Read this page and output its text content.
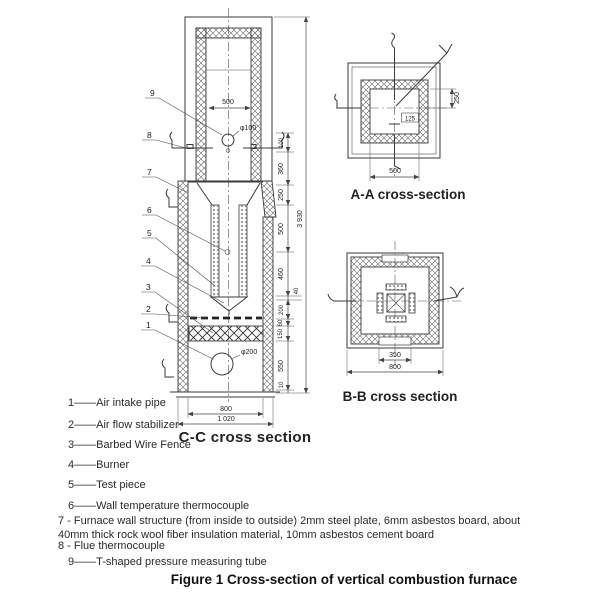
500
φ100
100
360
250
500
460
40
200
60
150
550
10
3 930
φ200
800
1 020
250
125
500
350
800
9
8
7
6
5
4
3
2
1
C-C cross section
A-A cross-section
B-B cross section
1——Air intake pipe
2——Air flow stabilizer
3——Barbed Wire Fence
4——Burner
5——Test piece
6——Wall temperature thermocouple
7 - Furnace wall structure (from inside to outside) 2mm steel plate, 6mm asbestos board, about 40mm thick rock wool fiber insulation material, 10mm asbestos cement board
8 - Flue thermocouple
9——T-shaped pressure measuring tube
Figure 1 Cross-section of vertical combustion furnace
